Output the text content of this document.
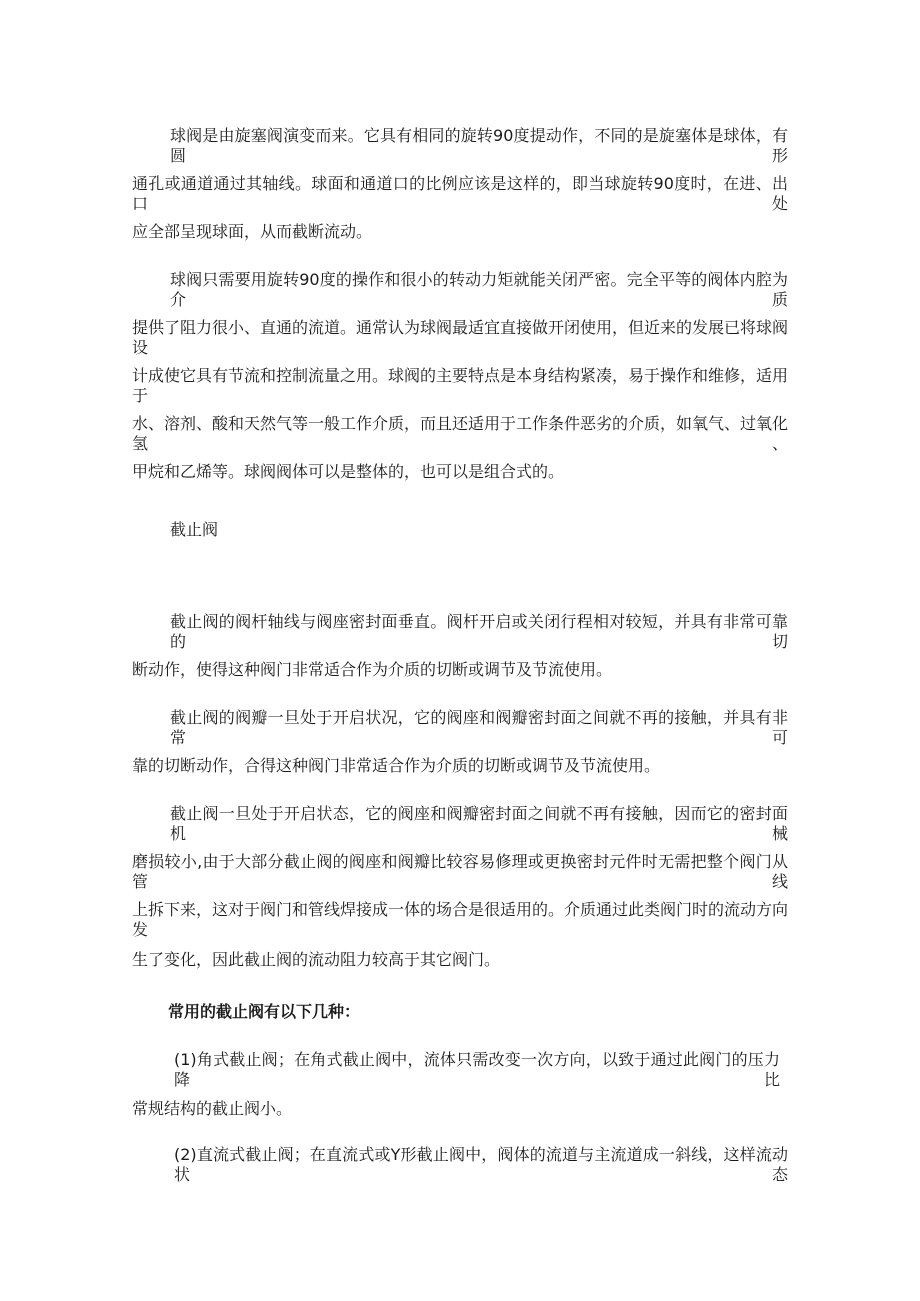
球阀是由旋塞阀演变而来。它具有相同的旋转90度提动作，不同的是旋塞体是球体，有圆形
通孔或通道通过其轴线。球面和通道口的比例应该是这样的，即当球旋转90度时，在进、出口处
应全部呈现球面，从而截断流动。
球阀只需要用旋转90度的操作和很小的转动力矩就能关闭严密。完全平等的阀体内腔为介质
提供了阻力很小、直通的流道。通常认为球阀最适宜直接做开闭使用，但近来的发展已将球阀设
计成使它具有节流和控制流量之用。球阀的主要特点是本身结构紧凑，易于操作和维修，适用于
水、溶剂、酸和天然气等一般工作介质，而且还适用于工作条件恶劣的介质，如氧气、过氧化氢、
甲烷和乙烯等。球阀阀体可以是整体的，也可以是组合式的。
截止阀
截止阀的阀杆轴线与阀座密封面垂直。阀杆开启或关闭行程相对较短，并具有非常可靠的切
断动作，使得这种阀门非常适合作为介质的切断或调节及节流使用。
截止阀的阀瓣一旦处于开启状况，它的阀座和阀瓣密封面之间就不再的接触，并具有非常可
靠的切断动作，合得这种阀门非常适合作为介质的切断或调节及节流使用。
截止阀一旦处于开启状态，它的阀座和阀瓣密封面之间就不再有接触，因而它的密封面机械
磨损较小,由于大部分截止阀的阀座和阀瓣比较容易修理或更换密封元件时无需把整个阀门从管线
上拆下来，这对于阀门和管线焊接成一体的场合是很适用的。介质通过此类阀门时的流动方向发
生了变化，因此截止阀的流动阻力较高于其它阀门。
常用的截止阀有以下几种：
(1)角式截止阀；在角式截止阀中，流体只需改变一次方向，以致于通过此阀门的压力降比
常规结构的截止阀小。
(2)直流式截止阀；在直流式或Y形截止阀中，阀体的流道与主流道成一斜线，这样流动状态
